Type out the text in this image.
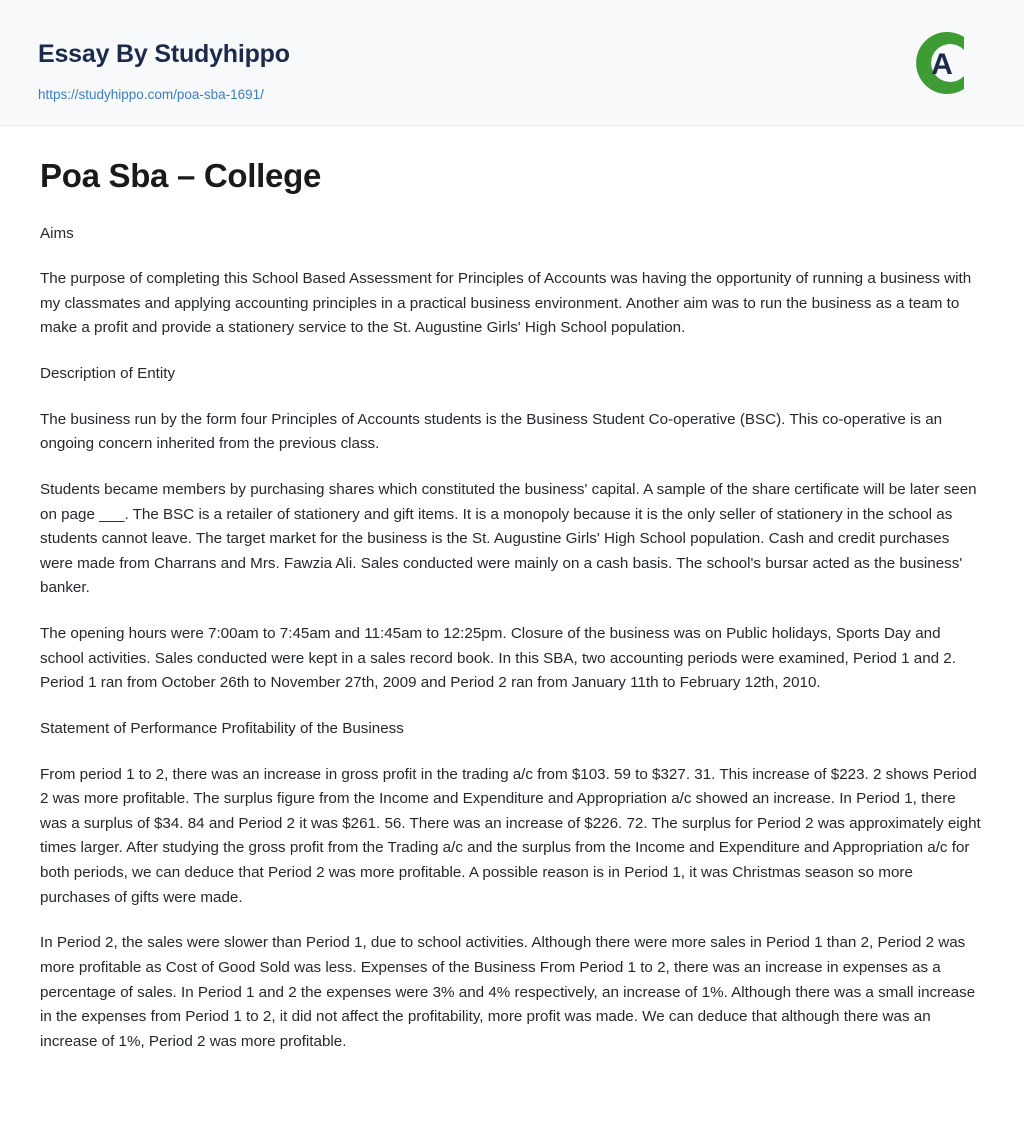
Essay By Studyhippo
https://studyhippo.com/poa-sba-1691/
A
Poa Sba – College

Aims

The purpose of completing this School Based Assessment for Principles of Accounts was having the opportunity of running a business with my classmates and applying accounting principles in a practical business environment. Another aim was to run the business as a team to make a profit and provide a stationery service to the St. Augustine Girls' High School population.

Description of Entity

The business run by the form four Principles of Accounts students is the Business Student Co-operative (BSC). This co-operative is an ongoing concern inherited from the previous class.

Students became members by purchasing shares which constituted the business' capital. A sample of the share certificate will be later seen on page ___. The BSC is a retailer of stationery and gift items. It is a monopoly because it is the only seller of stationery in the school as students cannot leave. The target market for the business is the St. Augustine Girls' High School population. Cash and credit purchases were made from Charrans and Mrs. Fawzia Ali. Sales conducted were mainly on a cash basis. The school's bursar acted as the business' banker.

The opening hours were 7:00am to 7:45am and 11:45am to 12:25pm. Closure of the business was on Public holidays, Sports Day and school activities. Sales conducted were kept in a sales record book. In this SBA, two accounting periods were examined, Period 1 and 2. Period 1 ran from October 26th to November 27th, 2009 and Period 2 ran from January 11th to February 12th, 2010.

Statement of Performance Profitability of the Business

From period 1 to 2, there was an increase in gross profit in the trading a/c from $103. 59 to $327. 31. This increase of $223. 2 shows Period 2 was more profitable. The surplus figure from the Income and Expenditure and Appropriation a/c showed an increase. In Period 1, there was a surplus of $34. 84 and Period 2 it was $261. 56. There was an increase of $226. 72. The surplus for Period 2 was approximately eight times larger. After studying the gross profit from the Trading a/c and the surplus from the Income and Expenditure and Appropriation a/c for both periods, we can deduce that Period 2 was more profitable. A possible reason is in Period 1, it was Christmas season so more purchases of gifts were made.

In Period 2, the sales were slower than Period 1, due to school activities. Although there were more sales in Period 1 than 2, Period 2 was more profitable as Cost of Good Sold was less. Expenses of the Business From Period 1 to 2, there was an increase in expenses as a percentage of sales. In Period 1 and 2 the expenses were 3% and 4% respectively, an increase of 1%. Although there was a small increase in the expenses from Period 1 to 2, it did not affect the profitability, more profit was made. We can deduce that although there was an increase of 1%, Period 2 was more profitable.
